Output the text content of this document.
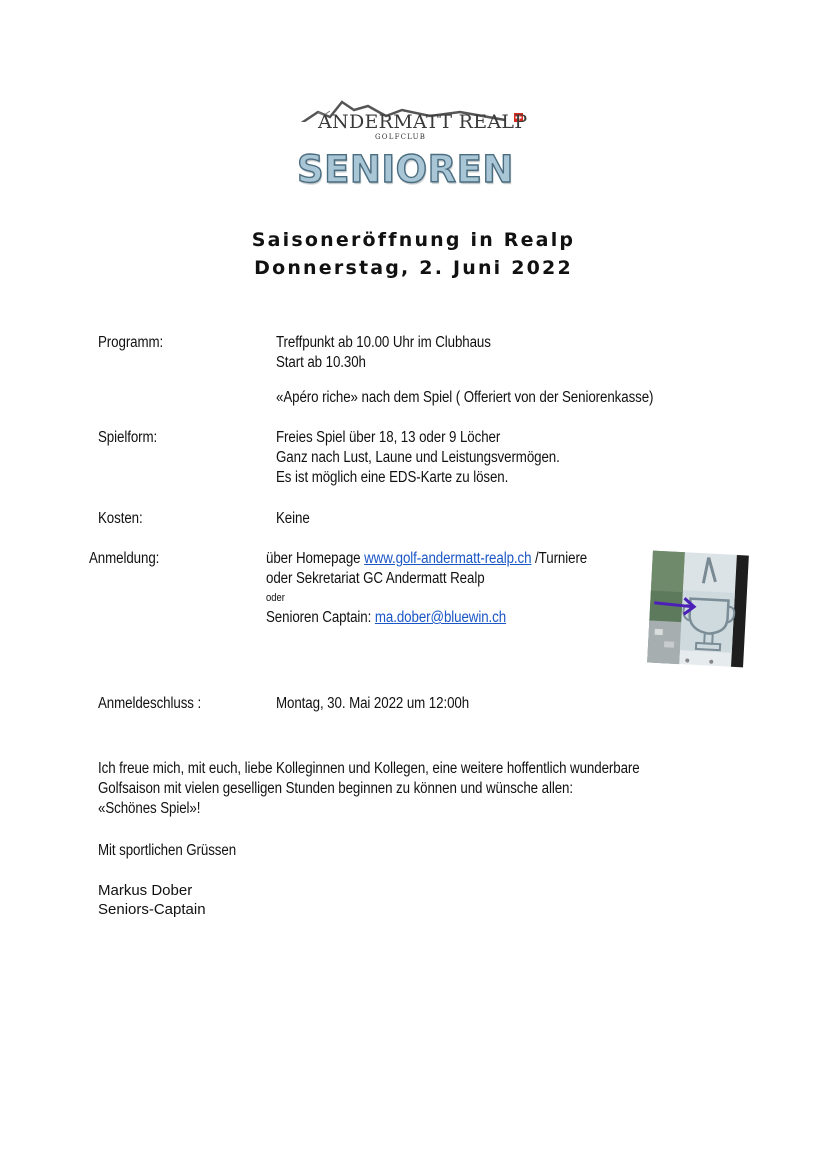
ANDERMATT REALP
GOLFCLUB
SENIOREN
Saisoneröffnung in Realp
Donnerstag, 2. Juni 2022
Programm:	Treffpunkt ab 10.00 Uhr im Clubhaus
Start ab 10.30h
«Apéro riche» nach dem Spiel ( Offeriert von der Seniorenkasse)
Spielform:	Freies Spiel über 18, 13 oder 9 Löcher
Ganz nach Lust, Laune und Leistungsvermögen.
Es ist möglich eine EDS-Karte zu lösen.
Kosten:	Keine
Anmeldung:	über Homepage www.golf-andermatt-realp.ch /Turniere
oder Sekretariat GC Andermatt Realp
oder
Senioren Captain: ma.dober@bluewin.ch
Anmeldeschluss :	Montag, 30. Mai 2022 um 12:00h
Ich freue mich, mit euch, liebe Kolleginnen und Kollegen, eine weitere hoffentlich wunderbare
Golfsaison mit vielen geselligen Stunden beginnen zu können und wünsche allen:
«Schönes Spiel»!
Mit sportlichen Grüssen
Markus Dober
Seniors-Captain
